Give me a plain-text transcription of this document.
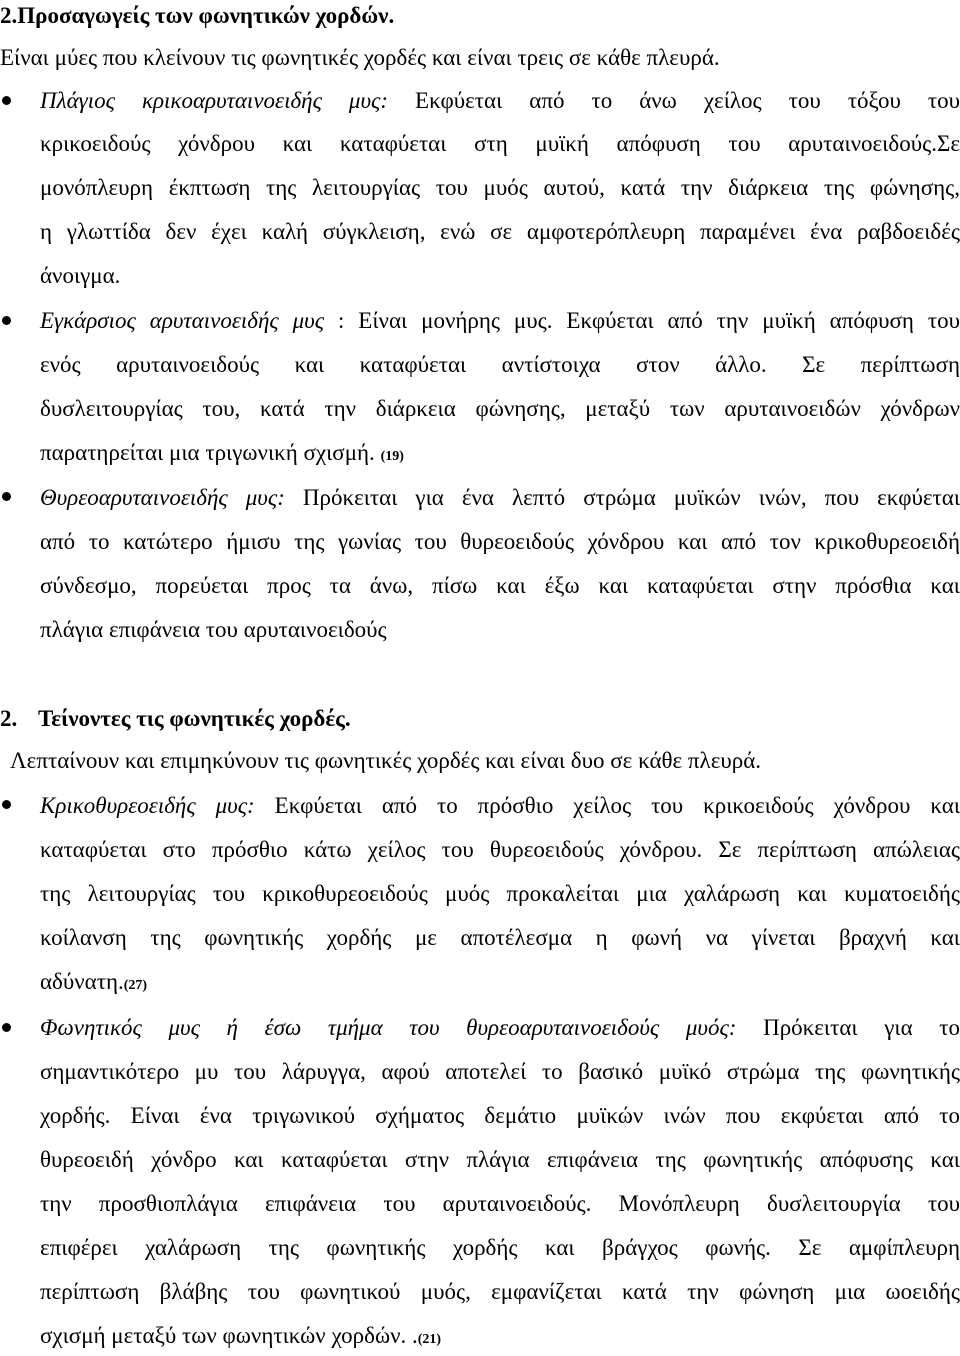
2.Προσαγωγείς των φωνητικών χορδών.
Είναι μύες που κλείνουν τις φωνητικές χορδές και είναι τρεις σε κάθε πλευρά.
Πλάγιος κρικοαρυταινοειδής μυς: Εκφύεται από το άνω χείλος του τόξου του
κρικοειδούς χόνδρου και καταφύεται στη μυϊκή απόφυση του αρυταινοειδούς.Σε
μονόπλευρη έκπτωση της λειτουργίας του μυός αυτού, κατά την διάρκεια της φώνησης,
η γλωττίδα δεν έχει καλή σύγκλειση, ενώ σε αμφοτερόπλευρη παραμένει ένα ραβδοειδές
άνοιγμα.
Εγκάρσιος αρυταινοειδής μυς : Είναι μονήρης μυς. Εκφύεται από την μυϊκή απόφυση του
ενός αρυταινοειδούς και καταφύεται αντίστοιχα στον άλλο. Σε περίπτωση
δυσλειτουργίας του, κατά την διάρκεια φώνησης, μεταξύ των αρυταινοειδών χόνδρων
παρατηρείται μια τριγωνική σχισμή. (19)
Θυρεοαρυταινοειδής μυς: Πρόκειται για ένα λεπτό στρώμα μυϊκών ινών, που εκφύεται
από το κατώτερο ήμισυ της γωνίας του θυρεοειδούς χόνδρου και από τον κρικοθυρεοειδή
σύνδεσμο, πορεύεται προς τα άνω, πίσω και έξω και καταφύεται στην πρόσθια και
πλάγια επιφάνεια του αρυταινοειδούς
2. Τείνοντες τις φωνητικές χορδές.
Λεπταίνουν και επιμηκύνουν τις φωνητικές χορδές και είναι δυο σε κάθε πλευρά.
Κρικοθυρεοειδής μυς: Εκφύεται από το πρόσθιο χείλος του κρικοειδούς χόνδρου και
καταφύεται στο πρόσθιο κάτω χείλος του θυρεοειδούς χόνδρου. Σε περίπτωση απώλειας
της λειτουργίας του κρικοθυρεοειδούς μυός προκαλείται μια χαλάρωση και κυματοειδής
κοίλανση της φωνητικής χορδής με αποτέλεσμα η φωνή να γίνεται βραχνή και
αδύνατη.(27)
Φωνητικός μυς ή έσω τμήμα του θυρεοαρυταινοειδούς μυός: Πρόκειται για το
σημαντικότερο μυ του λάρυγγα, αφού αποτελεί το βασικό μυϊκό στρώμα της φωνητικής
χορδής. Είναι ένα τριγωνικού σχήματος δεμάτιο μυϊκών ινών που εκφύεται από το
θυρεοειδή χόνδρο και καταφύεται στην πλάγια επιφάνεια της φωνητικής απόφυσης και
την προσθιοπλάγια επιφάνεια του αρυταινοειδούς. Μονόπλευρη δυσλειτουργία του
επιφέρει χαλάρωση της φωνητικής χορδής και βράγχος φωνής. Σε αμφίπλευρη
περίπτωση βλάβης του φωνητικού μυός, εμφανίζεται κατά την φώνηση μια ωοειδής
σχισμή μεταξύ των φωνητικών χορδών. .(21)
